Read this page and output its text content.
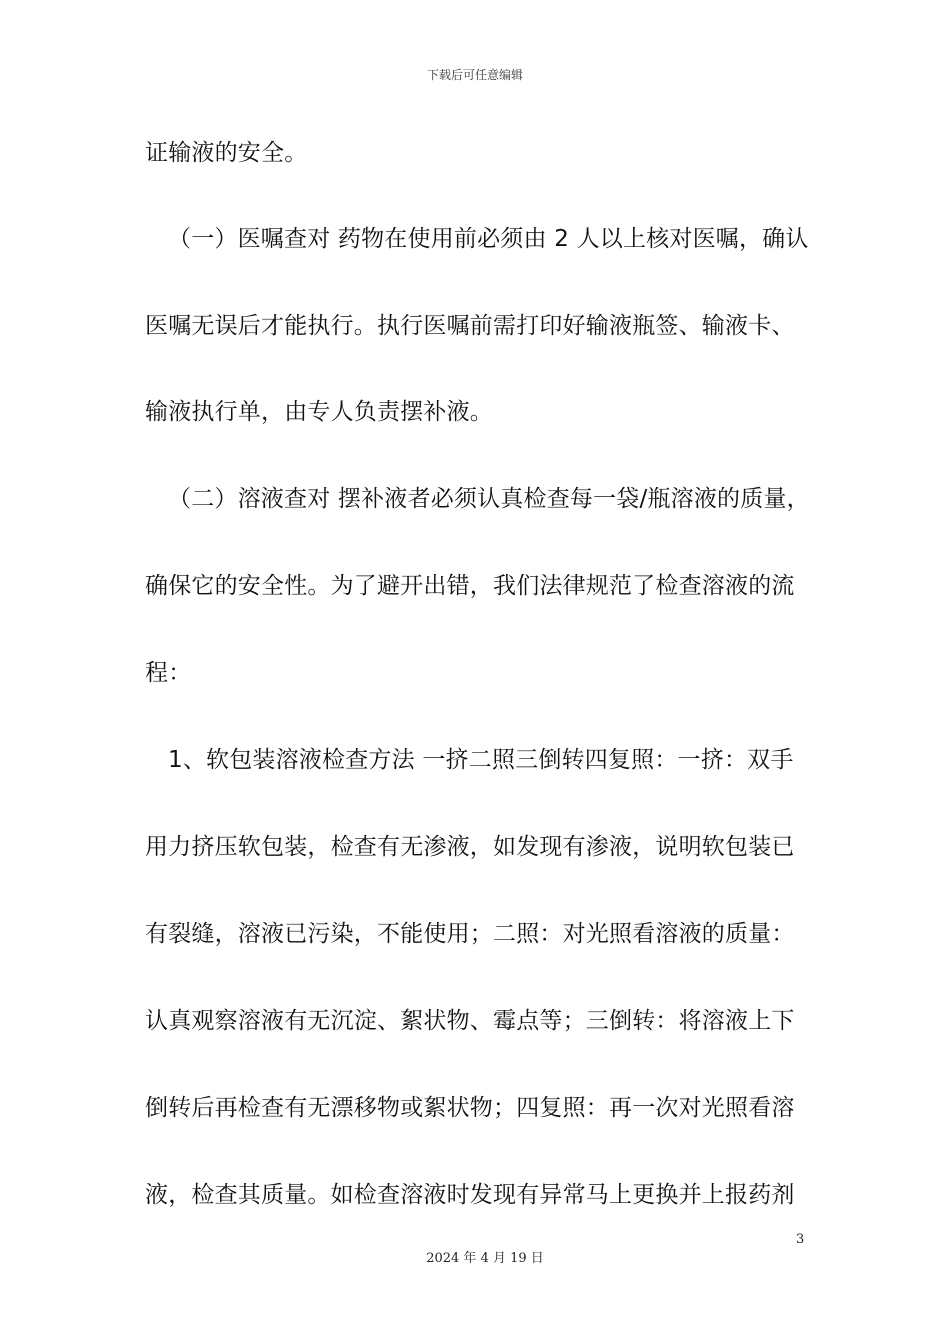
下载后可任意编辑
证输液的安全。
（一）医嘱查对 药物在使用前必须由 2 人以上核对医嘱，确认
医嘱无误后才能执行。执行医嘱前需打印好输液瓶签、输液卡、
输液执行单，由专人负责摆补液。
（二）溶液查对 摆补液者必须认真检查每一袋/瓶溶液的质量，
确保它的安全性。为了避开出错，我们法律规范了检查溶液的流
程：
1、软包装溶液检查方法 一挤二照三倒转四复照：一挤：双手
用力挤压软包装，检查有无渗液，如发现有渗液，说明软包装已
有裂缝，溶液已污染，不能使用；二照：对光照看溶液的质量：
认真观察溶液有无沉淀、絮状物、霉点等；三倒转：将溶液上下
倒转后再检查有无漂移物或絮状物；四复照：再一次对光照看溶
液，检查其质量。如检查溶液时发现有异常马上更换并上报药剂
3
2024 年 4 月 19 日
